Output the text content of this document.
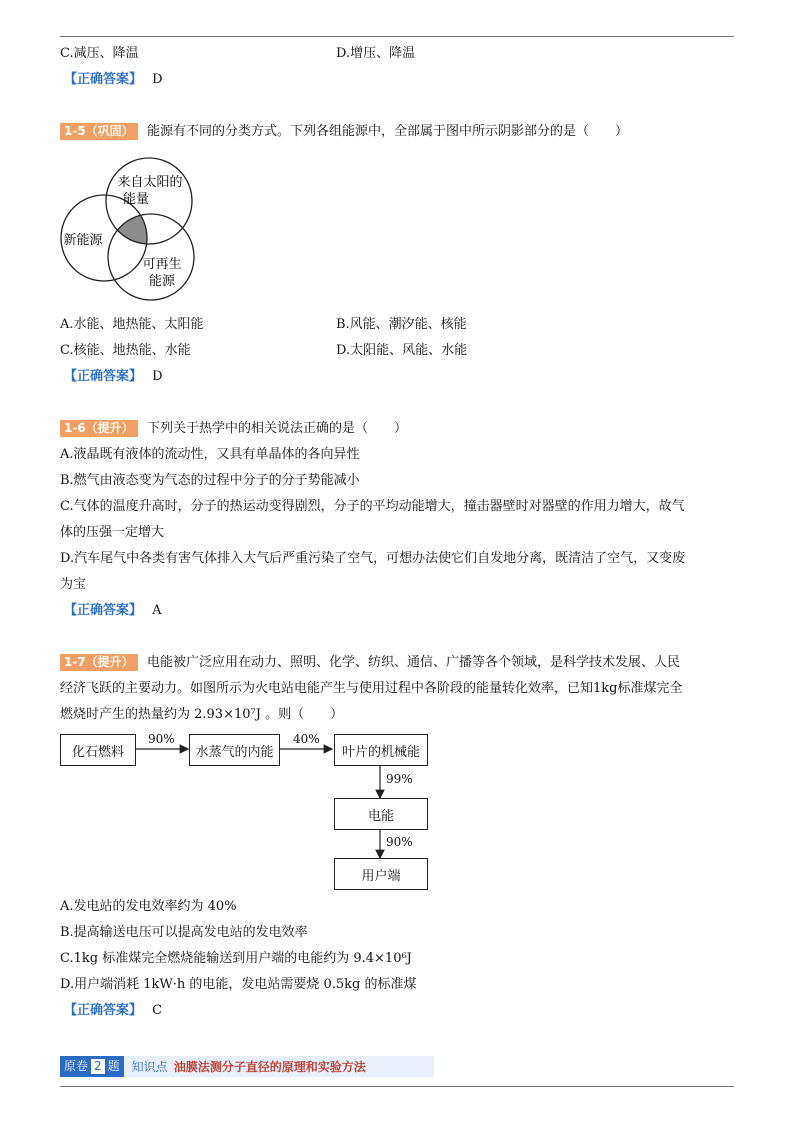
C.减压、降温	D.增压、降温
【正确答案】 D
1-5（巩固）	能源有不同的分类方式。下列各组能源中，全部属于图中所示阴影部分的是（　　）
来自太阳的
能量
新能源
可再生
能源
A.水能、地热能、太阳能	B.风能、潮汐能、核能
C.核能、地热能、水能	D.太阳能、风能、水能
【正确答案】 D
1-6（提升）	下列关于热学中的相关说法正确的是（　　）
A.液晶既有液体的流动性，又具有单晶体的各向异性
B.燃气由液态变为气态的过程中分子的分子势能减小
C.气体的温度升高时，分子的热运动变得剧烈，分子的平均动能增大，撞击器壁时对器壁的作用力增大，故气
体的压强一定增大
D.汽车尾气中各类有害气体排入大气后严重污染了空气，可想办法使它们自发地分离，既清洁了空气，又变废
为宝
【正确答案】 A
1-7（提升）	电能被广泛应用在动力、照明、化学、纺织、通信、广播等各个领域，是科学技术发展、人民
经济飞跃的主要动力。如图所示为火电站电能产生与使用过程中各阶段的能量转化效率，已知1kg标准煤完全
燃烧时产生的热量约为 2.93×10⁷J 。则（　　）
化石燃料	水蒸气的内能	叶片的机械能
电能
用户端
90%	40%
99%
90%
A.发电站的发电效率约为 40%
B.提高输送电压可以提高发电站的发电效率
C.1kg 标准煤完全燃烧能输送到用户端的电能约为 9.4×10⁶J
D.用户端消耗 1kW·h 的电能，发电站需要烧 0.5kg 的标准煤
【正确答案】 C
原卷 2 题 知识点 油膜法测分子直径的原理和实验方法
